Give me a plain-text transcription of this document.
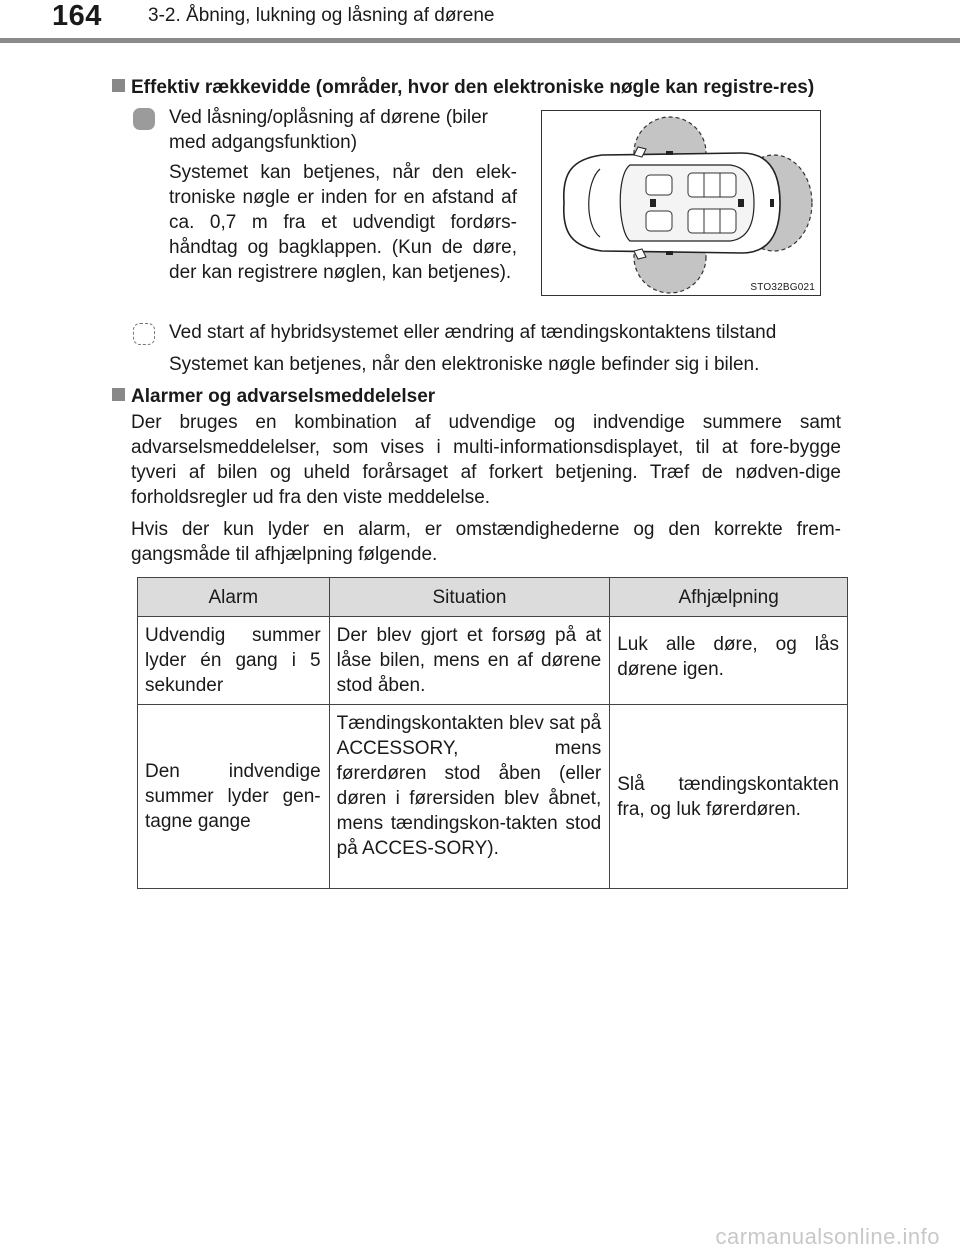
164 3-2. Åbning, lukning og låsning af dørene
Effektiv rækkevidde (områder, hvor den elektroniske nøgle kan registre-res)
Ved låsning/oplåsning af dørene (biler
med adgangsfunktion)
Systemet kan betjenes, når den elek-troniske nøgle er inden for en afstand af ca. 0,7 m fra et udvendigt fordørs-håndtag og bagklappen. (Kun de døre, der kan registrere nøglen, kan betjenes).
STO32BG021
Ved start af hybridsystemet eller ændring af tændingskontaktens tilstand
Systemet kan betjenes, når den elektroniske nøgle befinder sig i bilen.
Alarmer og advarselsmeddelelser
Der bruges en kombination af udvendige og indvendige summere samt advarselsmeddelelser, som vises i multi-informationsdisplayet, til at fore-bygge tyveri af bilen og uheld forårsaget af forkert betjening. Træf de nødven-dige forholdsregler ud fra den viste meddelelse.
Hvis der kun lyder en alarm, er omstændighederne og den korrekte frem-gangsmåde til afhjælpning følgende.
Alarm	Situation	Afhjælpning
Udvendig summer lyder én gang i 5 sekunder	Der blev gjort et forsøg på at låse bilen, mens en af dørene stod åben.	Luk alle døre, og lås dørene igen.
Den indvendige summer lyder gen-tagne gange	Tændingskontakten blev sat på ACCESSORY, mens førerdøren stod åben (eller døren i førersiden blev åbnet, mens tændingskon-takten stod på ACCES-SORY).	Slå tændingskontakten fra, og luk førerdøren.
carmanualsonline.info
